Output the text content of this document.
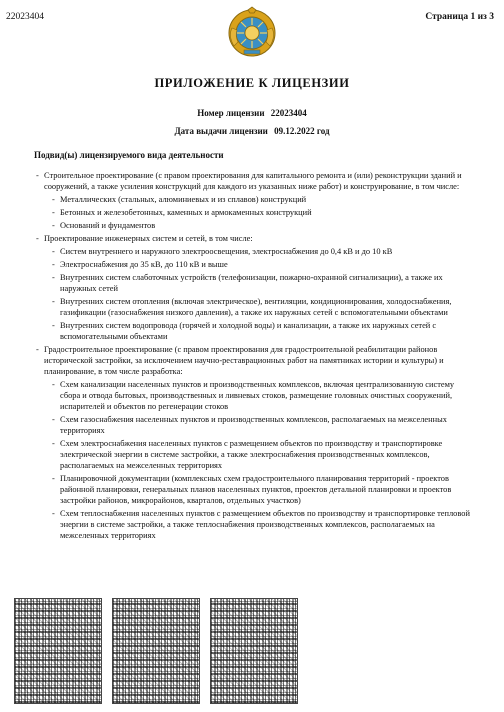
22023404	Страница 1 из 3
ПРИЛОЖЕНИЕ К ЛИЦЕНЗИИ
Номер лицензии 22023404
Дата выдачи лицензии 09.12.2022 год
Подвид(ы) лицензируемого вида деятельности
- Строительное проектирование (с правом проектирования для капитального ремонта и (или) реконструкции зданий и сооружений, а также усиления конструкций для каждого из указанных ниже работ) и конструирование, в том числе:
- Металлических (стальных, алюминиевых и из сплавов) конструкций
- Бетонных и железобетонных, каменных и армокаменных конструкций
- Оснований и фундаментов
- Проектирование инженерных систем и сетей, в том числе:
- Систем внутреннего и наружного электроосвещения, электроснабжения до 0,4 кВ и до 10 кВ
- Электроснабжения до 35 кВ, до 110 кВ и выше
- Внутренних систем слаботочных устройств (телефонизации, пожарно-охранной сигнализации), а также их наружных сетей
- Внутренних систем отопления (включая электрическое), вентиляции, кондиционирования, холодоснабжения, газификации (газоснабжения низкого давления), а также их наружных сетей с вспомогательными объектами
- Внутренних систем водопровода (горячей и холодной воды) и канализации, а также их наружных сетей с вспомогательными объектами
- Градостроительное проектирование (с правом проектирования для градостроительной реабилитации районов исторической застройки, за исключением научно-реставрационных работ на памятниках истории и культуры) и планирование, в том числе разработка:
- Схем канализации населенных пунктов и производственных комплексов, включая централизованную систему сбора и отвода бытовых, производственных и ливневых стоков, размещение головных очистных сооружений, испарителей и объектов по регенерации стоков
- Схем газоснабжения населенных пунктов и производственных комплексов, располагаемых на межселенных территориях
- Схем электроснабжения населенных пунктов с размещением объектов по производству и транспортировке электрической энергии в системе застройки, а также электроснабжения производственных комплексов, располагаемых на межселенных территориях
- Планировочной документации (комплексных схем градостроительного планирования территорий - проектов районной планировки, генеральных планов населенных пунктов, проектов детальной планировки и проектов застройки районов, микрорайонов, кварталов, отдельных участков)
- Схем теплоснабжения населенных пунктов с размещением объектов по производству и транспортировке тепловой энергии в системе застройки, а также теплоснабжения производственных комплексов, располагаемых на межселенных территориях
